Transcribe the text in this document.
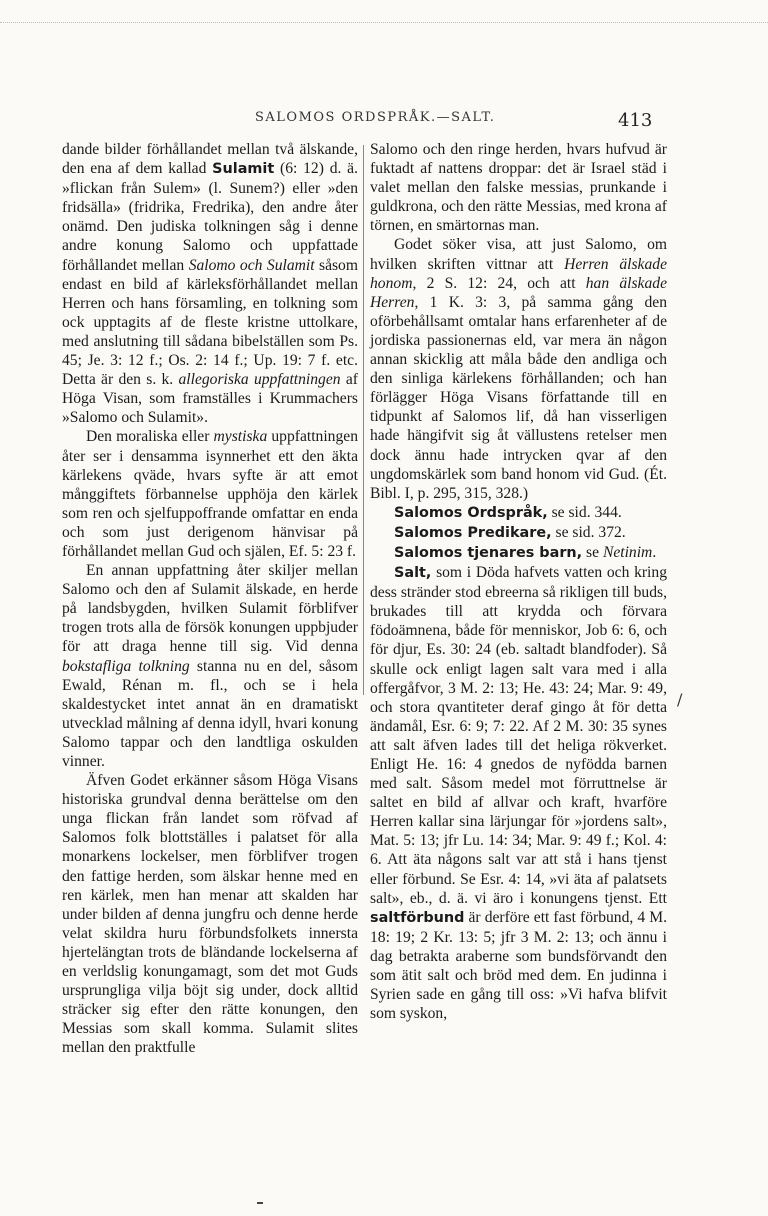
SALOMOS ORDSPRÅK.—SALT.	413

dande bilder förhållandet mellan två älskande, den ena af dem kallad Sulamit (6: 12) d. ä. »flickan från Sulem» (l. Sunem?) eller »den fridsälla» (fridrika, Fredrika), den andre åter onämd. Den judiska tolkningen såg i denne andre konung Salomo och uppfattade förhållandet mellan Salomo och Sulamit såsom endast en bild af kärleksförhållandet mellan Herren och hans församling, en tolkning som ock upptagits af de fleste kristne uttolkare, med anslutning till sådana bibelställen som Ps. 45; Je. 3: 12 f.; Os. 2: 14 f.; Up. 19: 7 f. etc. Detta är den s. k. allegoriska uppfattningen af Höga Visan, som framställes i Krummachers »Salomo och Sulamit».

Den moraliska eller mystiska uppfattningen åter ser i densamma isynnerhet ett den äkta kärlekens qväde, hvars syfte är att emot månggiftets förbannelse upphöja den kärlek som ren och sjelfuppoffrande omfattar en enda och som just derigenom hänvisar på förhållandet mellan Gud och själen, Ef. 5: 23 f.

En annan uppfattning åter skiljer mellan Salomo och den af Sulamit älskade, en herde på landsbygden, hvilken Sulamit förblifver trogen trots alla de försök konungen uppbjuder för att draga henne till sig. Vid denna bokstafliga tolkning stanna nu en del, såsom Ewald, Rénan m. fl., och se i hela skaldestycket intet annat än en dramatiskt utvecklad målning af denna idyll, hvari konung Salomo tappar och den landtliga oskulden vinner.

Äfven Godet erkänner såsom Höga Visans historiska grundval denna berättelse om den unga flickan från landet som röfvad af Salomos folk blottställes i palatset för alla monarkens lockelser, men förblifver trogen den fattige herden, som älskar henne med en ren kärlek, men han menar att skalden har under bilden af denna jungfru och denne herde velat skildra huru förbundsfolkets innersta hjertelängtan trots de bländande lockelserna af en verldslig konungamagt, som det mot Guds ursprungliga vilja böjt sig under, dock alltid sträcker sig efter den rätte konungen, den Messias som skall komma. Sulamit slites mellan den praktfulle

Salomo och den ringe herden, hvars hufvud är fuktadt af nattens droppar: det är Israel städ i valet mellan den falske messias, prunkande i guldkrona, och den rätte Messias, med krona af törnen, en smärtornas man.

Godet söker visa, att just Salomo, om hvilken skriften vittnar att Herren älskade honom, 2 S. 12: 24, och att han älskade Herren, 1 K. 3: 3, på samma gång den oförbehållsamt omtalar hans erfarenheter af de jordiska passionernas eld, var mera än någon annan skicklig att måla både den andliga och den sinliga kärlekens förhållanden; och han förlägger Höga Visans författande till en tidpunkt af Salomos lif, då han visserligen hade hängifvit sig åt vällustens retelser men dock ännu hade intrycken qvar af den ungdomskärlek som band honom vid Gud. (Ét. Bibl. I, p. 295, 315, 328.)

Salomos Ordspråk, se sid. 344.

Salomos Predikare, se sid. 372.

Salomos tjenares barn, se Netinim.

Salt, som i Döda hafvets vatten och kring dess stränder stod ebreerna så rikligen till buds, brukades till att krydda och förvara födoämnena, både för menniskor, Job 6: 6, och för djur, Es. 30: 24 (eb. saltadt blandfoder). Så skulle ock enligt lagen salt vara med i alla offergåfvor, 3 M. 2: 13; He. 43: 24; Mar. 9: 49, och stora qvantiteter deraf gingo åt för detta ändamål, Esr. 6: 9; 7: 22. Af 2 M. 30: 35 synes att salt äfven lades till det heliga rökverket. Enligt He. 16: 4 gnedos de nyfödda barnen med salt. Såsom medel mot förruttnelse är saltet en bild af allvar och kraft, hvarföre Herren kallar sina lärjungar för »jordens salt», Mat. 5: 13; jfr Lu. 14: 34; Mar. 9: 49 f.; Kol. 4: 6. Att äta någons salt var att stå i hans tjenst eller förbund. Se Esr. 4: 14, »vi äta af palatsets salt», eb., d. ä. vi äro i konungens tjenst. Ett saltförbund är derföre ett fast förbund, 4 M. 18: 19; 2 Kr. 13: 5; jfr 3 M. 2: 13; och ännu i dag betrakta araberne som bundsförvandt den som ätit salt och bröd med dem. En judinna i Syrien sade en gång till oss: »Vi hafva blifvit som syskon,

/
